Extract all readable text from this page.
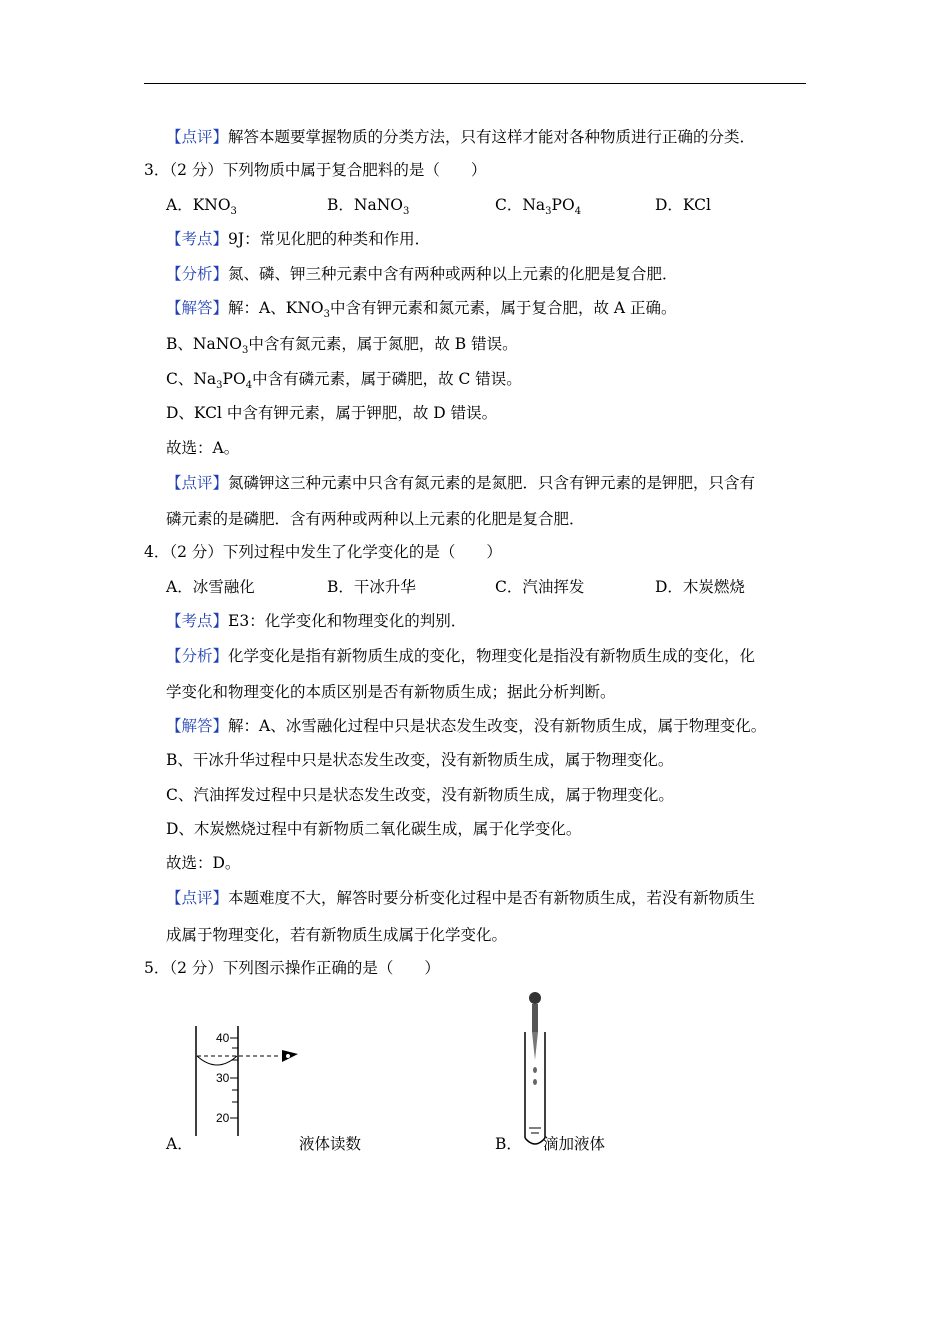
【点评】解答本题要掌握物质的分类方法，只有这样才能对各种物质进行正确的分类．
3．（2 分）下列物质中属于复合肥料的是（　　）
A．$KNO_3$	B．NaNO$_3$	C．$Na_3PO_4$	D．KCl
【考点】9J：常见化肥的种类和作用．
【分析】氮、磷、钾三种元素中含有两种或两种以上元素的化肥是复合肥．
【解答】解：A、$KNO_3$中含有钾元素和氮元素，属于复合肥，故 A 正确。
B、NaNO$_3$中含有氮元素，属于氮肥，故 B 错误。
C、$Na_3PO_4$中含有磷元素，属于磷肥，故 C 错误。
D、KCl 中含有钾元素，属于钾肥，故 D 错误。
故选：A。
【点评】氮磷钾这三种元素中只含有氮元素的是氮肥．只含有钾元素的是钾肥，只含有
磷元素的是磷肥．含有两种或两种以上元素的化肥是复合肥．
4．（2 分）下列过程中发生了化学变化的是（　　）
A．冰雪融化	B．干冰升华	C．汽油挥发	D．木炭燃烧
【考点】E3：化学变化和物理变化的判别．
【分析】化学变化是指有新物质生成的变化，物理变化是指没有新物质生成的变化，化
学变化和物理变化的本质区别是否有新物质生成；据此分析判断。
【解答】解：A、冰雪融化过程中只是状态发生改变，没有新物质生成，属于物理变化。
B、干冰升华过程中只是状态发生改变，没有新物质生成，属于物理变化。
C、汽油挥发过程中只是状态发生改变，没有新物质生成，属于物理变化。
D、木炭燃烧过程中有新物质二氧化碳生成，属于化学变化。
故选：D。
【点评】本题难度不大，解答时要分析变化过程中是否有新物质生成，若没有新物质生
成属于物理变化，若有新物质生成属于化学变化。
5．（2 分）下列图示操作正确的是（　　）
40
30
20
A．	液体读数	B． 滴加液体
